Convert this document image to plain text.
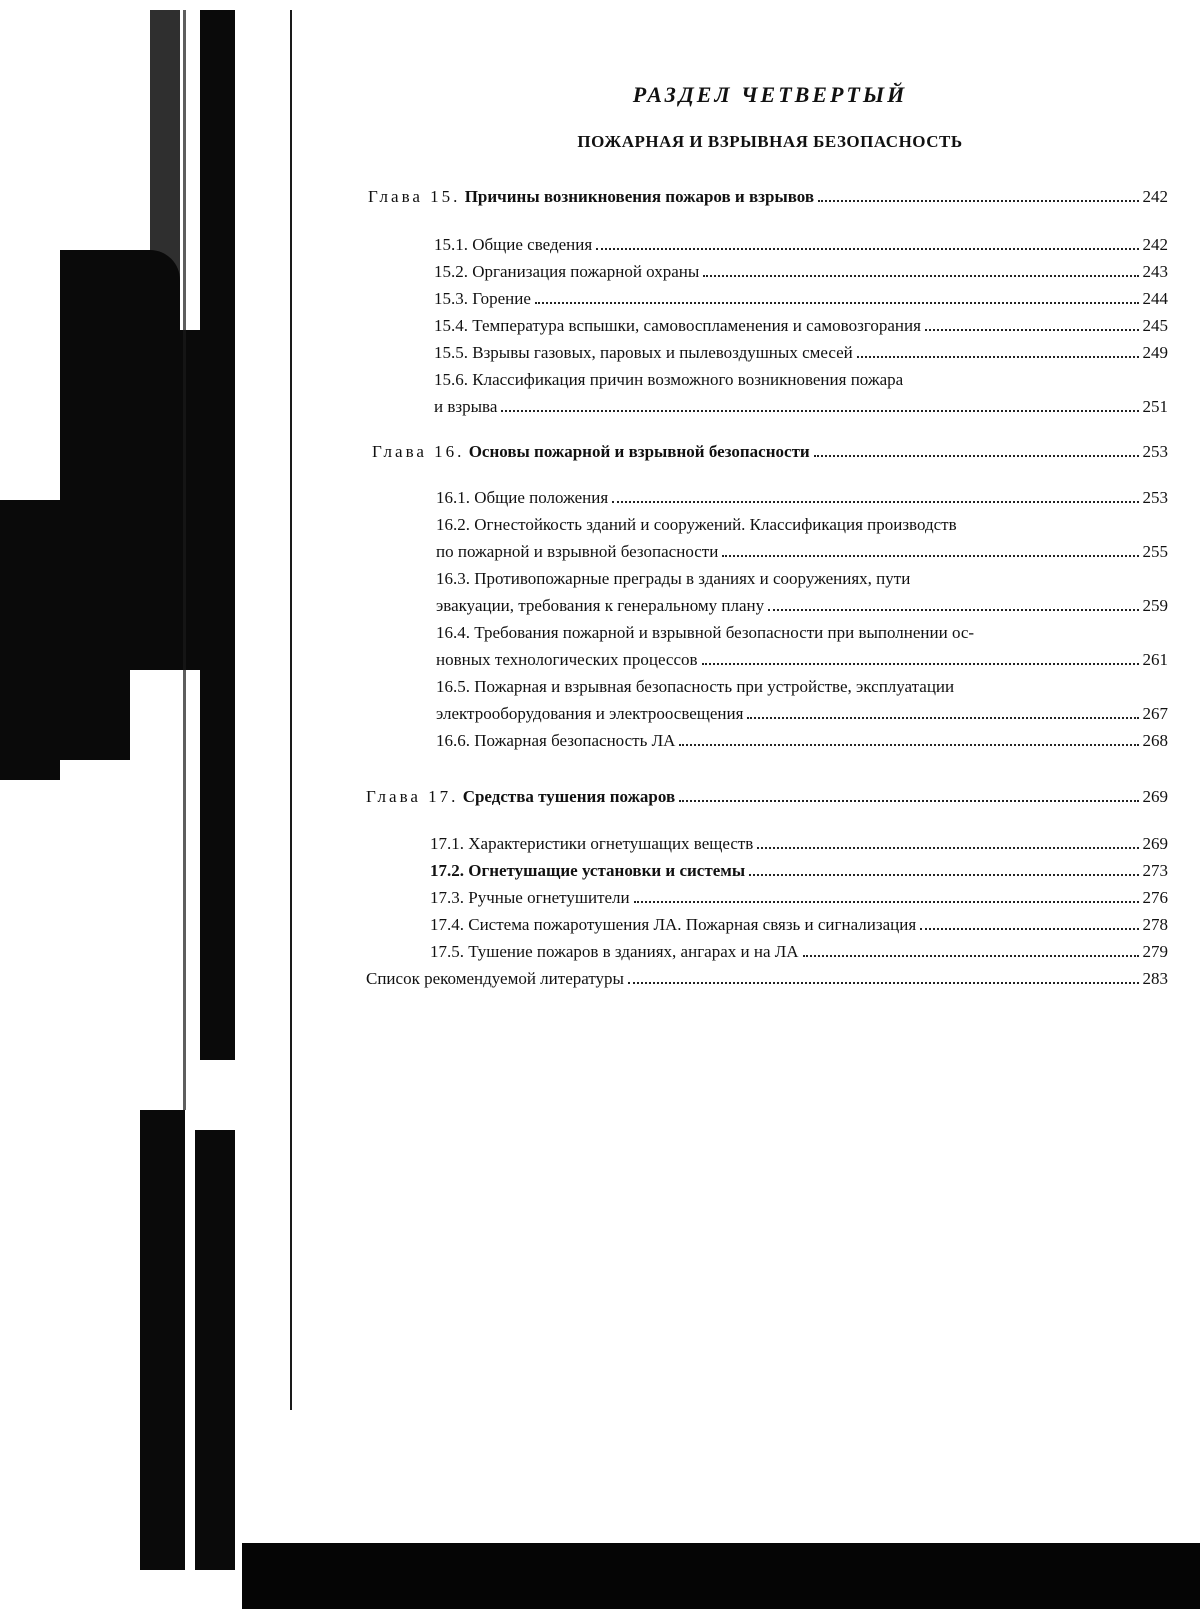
РАЗДЕЛ ЧЕТВЕРТЫЙ
ПОЖАРНАЯ И ВЗРЫВНАЯ БЕЗОПАСНОСТЬ
Глава 15. Причины возникновения пожаров и взрывов	242
15.1. Общие сведения	242
15.2. Организация пожарной охраны	243
15.3. Горение	244
15.4. Температура вспышки, самовоспламенения и самовозгорания	245
15.5. Взрывы газовых, паровых и пылевоздушных смесей	249
15.6. Классификация причин возможного возникновения пожара
и взрыва	251
Глава 16. Основы пожарной и взрывной безопасности	253
16.1. Общие положения	253
16.2. Огнестойкость зданий и сооружений. Классификация производств
по пожарной и взрывной безопасности	255
16.3. Противопожарные преграды в зданиях и сооружениях, пути
эвакуации, требования к генеральному плану	259
16.4. Требования пожарной и взрывной безопасности при выполнении ос-
новных технологических процессов	261
16.5. Пожарная и взрывная безопасность при устройстве, эксплуатации
электрооборудования и электроосвещения	267
16.6. Пожарная безопасность ЛА	268
Глава 17. Средства тушения пожаров	269
17.1. Характеристики огнетушащих веществ	269
17.2. Огнетушащие установки и системы	273
17.3. Ручные огнетушители	276
17.4. Система пожаротушения ЛА. Пожарная связь и сигнализация	278
17.5. Тушение пожаров в зданиях, ангарах и на ЛА	279
Список рекомендуемой литературы	283
